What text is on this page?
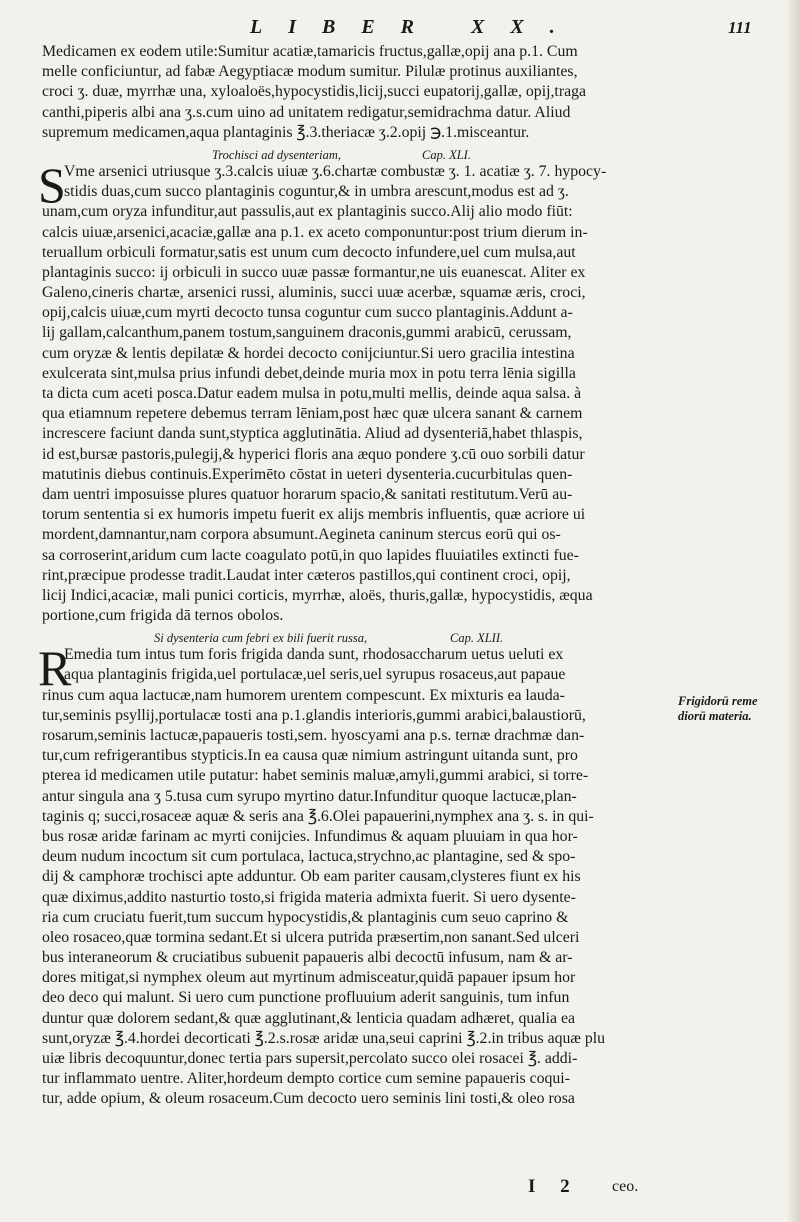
LIBER XX.	111
Medicamen ex eodem utile:Sumitur acatiæ,tamaricis fructus,gallæ,opij ana p.1. Cum
melle conficiuntur, ad fabæ Aegyptiacæ modum sumitur. Pilulæ protinus auxiliantes,
croci ʒ. duæ, myrrhæ una, xyloaloës,hypocystidis,licij,succi eupatorij,gallæ, opij,traga
canthi,piperis albi ana ʒ.s.cum uino ad unitatem redigatur,semidrachma datur. Aliud
supremum medicamen,aqua plantaginis ℥.3.theriacæ ʒ.2.opij ℈.1.misceantur.
Trochisci ad dysenteriam,	Cap. XLI.
S
Vme arsenici utriusque ʒ.3.calcis uiuæ ʒ.6.chartæ combustæ ʒ. 1. acatiæ ʒ. 7. hypocy-
stidis duas,cum succo plantaginis coguntur,& in umbra arescunt,modus est ad ʒ.
unam,cum oryza infunditur,aut passulis,aut ex plantaginis succo.Alij alio modo fiūt:
calcis uiuæ,arsenici,acaciæ,gallæ ana p.1. ex aceto componuntur:post trium dierum in-
teruallum orbiculi formatur,satis est unum cum decocto infundere,uel cum mulsa,aut
plantaginis succo: ij orbiculi in succo uuæ passæ formantur,ne uis euanescat. Aliter ex
Galeno,cineris chartæ, arsenici russi, aluminis, succi uuæ acerbæ, squamæ æris, croci,
opij,calcis uiuæ,cum myrti decocto tunsa coguntur cum succo plantaginis.Addunt a-
lij gallam,calcanthum,panem tostum,sanguinem draconis,gummi arabicū, cerussam,
cum oryzæ & lentis depilatæ & hordei decocto conijciuntur.Si uero gracilia intestina
exulcerata sint,mulsa prius infundi debet,deinde muria mox in potu terra lēnia sigilla
ta dicta cum aceti posca.Datur eadem mulsa in potu,multi mellis, deinde aqua salsa. à
qua etiamnum repetere debemus terram lēniam,post hæc quæ ulcera sanant & carnem
increscere faciunt danda sunt,styptica agglutinātia. Aliud ad dysenteriā,habet thlaspis,
id est,bursæ pastoris,pulegij,& hyperici floris ana æquo pondere ʒ.cū ouo sorbili datur
matutinis diebus continuis.Experimēto cōstat in ueteri dysenteria.cucurbitulas quen-
dam uentri imposuisse plures quatuor horarum spacio,& sanitati restitutum.Verū au-
torum sententia si ex humoris impetu fuerit ex alijs membris influentis, quæ acriore ui
mordent,damnantur,nam corpora absumunt.Aegineta caninum stercus eorū qui os-
sa corroserint,aridum cum lacte coagulato potū,in quo lapides fluuiatiles extincti fue-
rint,præcipue prodesse tradit.Laudat inter cæteros pastillos,qui continent croci, opij,
licij Indici,acaciæ, mali punici corticis, myrrhæ, aloës, thuris,gallæ, hypocystidis, æqua
portione,cum frigida dā ternos obolos.
Si dysenteria cum febri ex bili fuerit russa,	Cap. XLII.
R
Emedia tum intus tum foris frigida danda sunt, rhodosaccharum uetus ueluti ex
aqua plantaginis frigida,uel portulacæ,uel seris,uel syrupus rosaceus,aut papaue
rinus cum aqua lactucæ,nam humorem urentem compescunt. Ex mixturis ea lauda-
tur,seminis psyllij,portulacæ tosti ana p.1.glandis interioris,gummi arabici,balaustiorū,
rosarum,seminis lactucæ,papaueris tosti,sem. hyoscyami ana p.s. ternæ drachmæ dan-
tur,cum refrigerantibus stypticis.In ea causa quæ nimium astringunt uitanda sunt, pro
pterea id medicamen utile putatur: habet seminis maluæ,amyli,gummi arabici, si torre-
antur singula ana ʒ 5.tusa cum syrupo myrtino datur.Infunditur quoque lactucæ,plan-
taginis q; succi,rosaceæ aquæ & seris ana ℥.6.Olei papauerini,nymphex ana ʒ. s. in qui-
bus rosæ aridæ farinam ac myrti conijcies. Infundimus & aquam pluuiam in qua hor-
deum nudum incoctum sit cum portulaca, lactuca,strychno,ac plantagine, sed & spo-
dij & camphoræ trochisci apte adduntur. Ob eam pariter causam,clysteres fiunt ex his
quæ diximus,addito nasturtio tosto,si frigida materia admixta fuerit. Si uero dysente-
ria cum cruciatu fuerit,tum succum hypocystidis,& plantaginis cum seuo caprino &
oleo rosaceo,quæ tormina sedant.Et si ulcera putrida præsertim,non sanant.Sed ulceri
bus interaneorum & cruciatibus subuenit papaueris albi decoctū infusum, nam & ar-
dores mitigat,si nymphex oleum aut myrtinum admisceatur,quidā papauer ipsum hor
deo deco qui malunt. Si uero cum punctione profluuium aderit sanguinis, tum infun
duntur quæ dolorem sedant,& quæ agglutinant,& lenticia quadam adhæret, qualia ea
sunt,oryzæ ℥.4.hordei decorticati ℥.2.s.rosæ aridæ una,seui caprini ℥.2.in tribus aquæ plu
uiæ libris decoquuntur,donec tertia pars supersit,percolato succo olei rosacei ℥. addi-
tur inflammato uentre. Aliter,hordeum dempto cortice cum semine papaueris coqui-
tur, adde opium, & oleum rosaceum.Cum decocto uero seminis lini tosti,& oleo rosa
Frigidorū reme
diorū materia.
I 2 ceo.
